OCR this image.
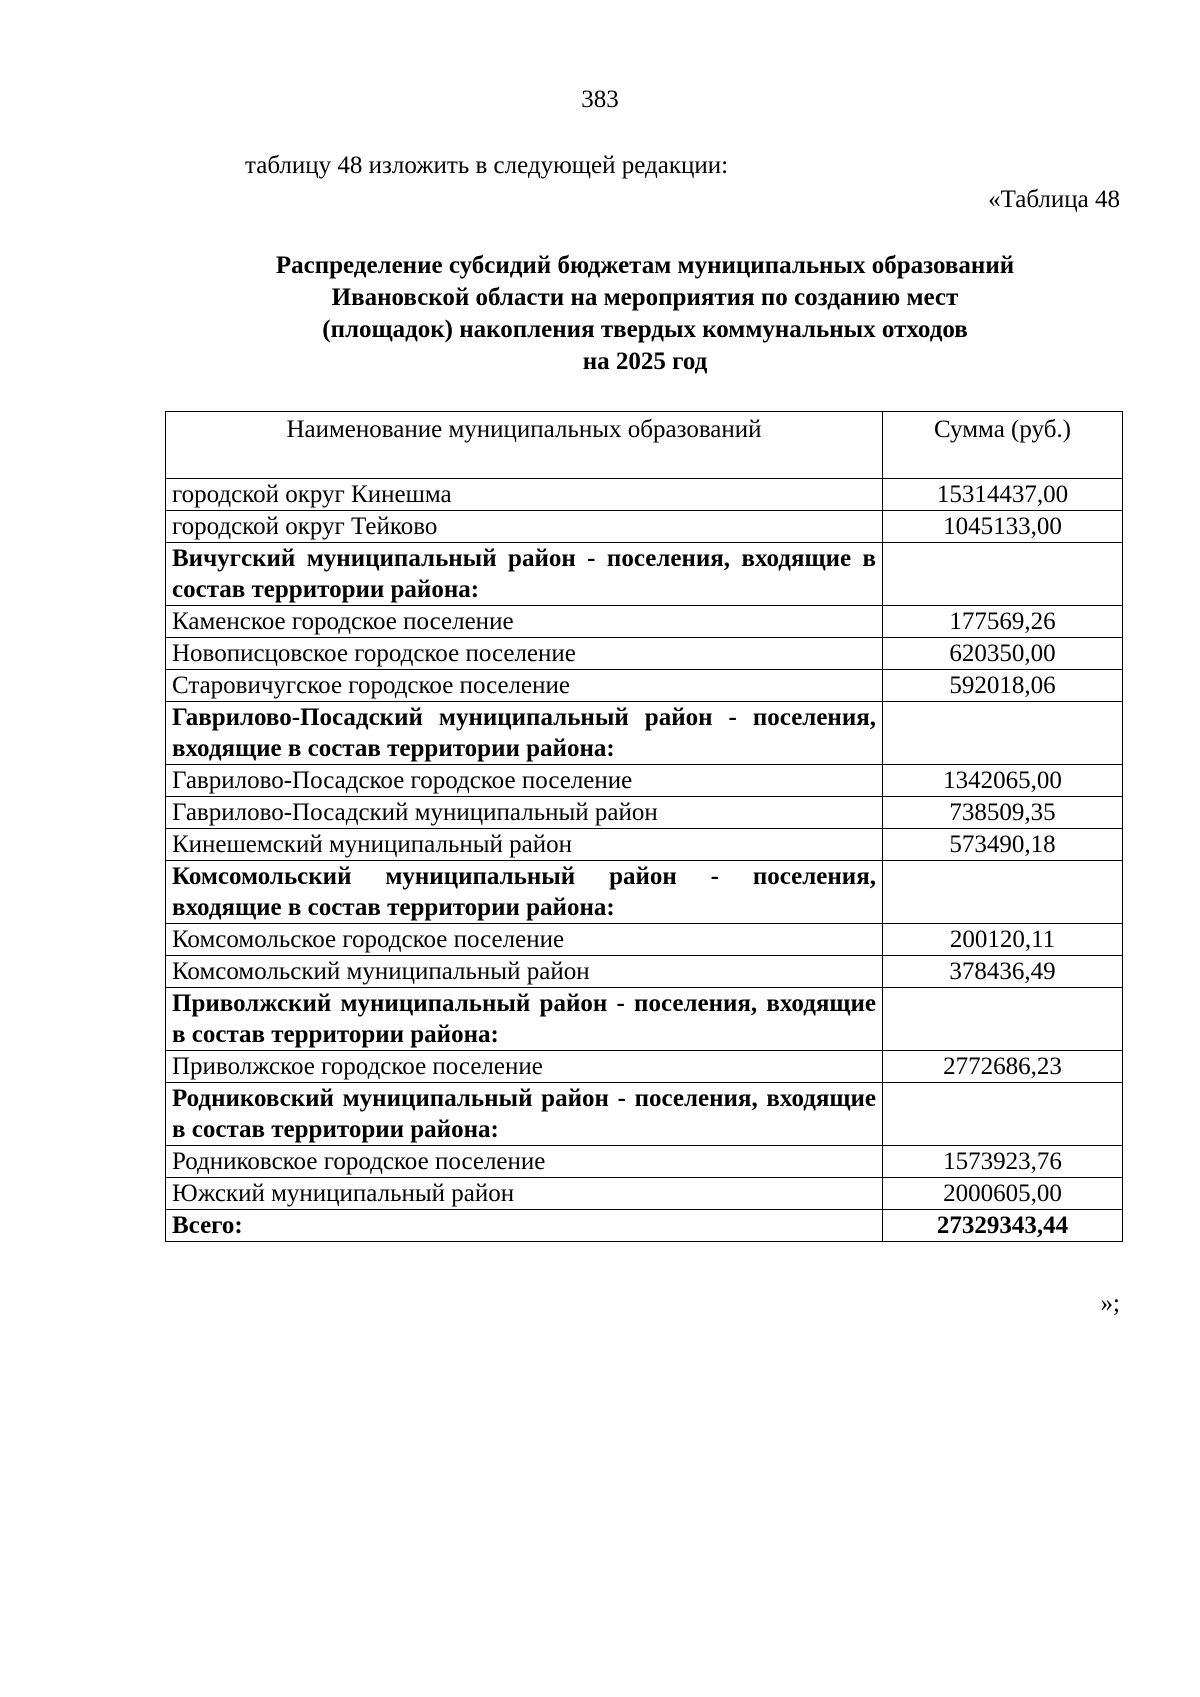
383
таблицу 48 изложить в следующей редакции:
«Таблица 48
Распределение субсидий бюджетам муниципальных образований
Ивановской области на мероприятия по созданию мест
(площадок) накопления твердых коммунальных отходов
на 2025 год
Наименование муниципальных образований	Сумма (руб.)
городской округ Кинешма	15314437,00
городской округ Тейково	1045133,00
Вичугский муниципальный район - поселения, входящие в состав территории района:	
Каменское городское поселение	177569,26
Новописцовское городское поселение	620350,00
Старовичугское городское поселение	592018,06
Гаврилово-Посадский муниципальный район - поселения, входящие в состав территории района:	
Гаврилово-Посадское городское поселение	1342065,00
Гаврилово-Посадский муниципальный район	738509,35
Кинешемский муниципальный район	573490,18
Комсомольский муниципальный район - поселения, входящие в состав территории района:	
Комсомольское городское поселение	200120,11
Комсомольский муниципальный район	378436,49
Приволжский муниципальный район - поселения, входящие в состав территории района:	
Приволжское городское поселение	2772686,23
Родниковский муниципальный район - поселения, входящие в состав территории района:	
Родниковское городское поселение	1573923,76
Южский муниципальный район	2000605,00
Всего:	27329343,44
»;
